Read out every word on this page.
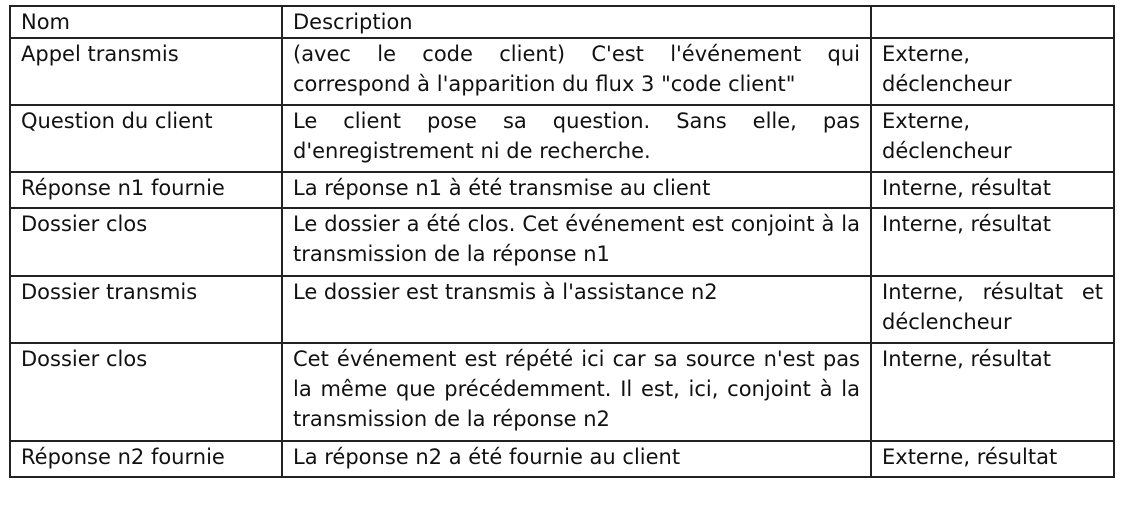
Nom	Description	
Appel transmis	(avec le code client) C'est l'événement qui correspond à l'apparition du flux 3 "code client"	Externe, déclencheur
Question du client	Le client pose sa question. Sans elle, pas d'enregistrement ni de recherche.	Externe, déclencheur
Réponse n1 fournie	La réponse n1 à été transmise au client	Interne, résultat
Dossier clos	Le dossier a été clos. Cet événement est conjoint à la transmission de la réponse n1	Interne, résultat
Dossier transmis	Le dossier est transmis à l'assistance n2	Interne, résultat et déclencheur
Dossier clos	Cet événement est répété ici car sa source n'est pas la même que précédemment. Il est, ici, conjoint à la transmission de la réponse n2	Interne, résultat
Réponse n2 fournie	La réponse n2 a été fournie au client	Externe, résultat
